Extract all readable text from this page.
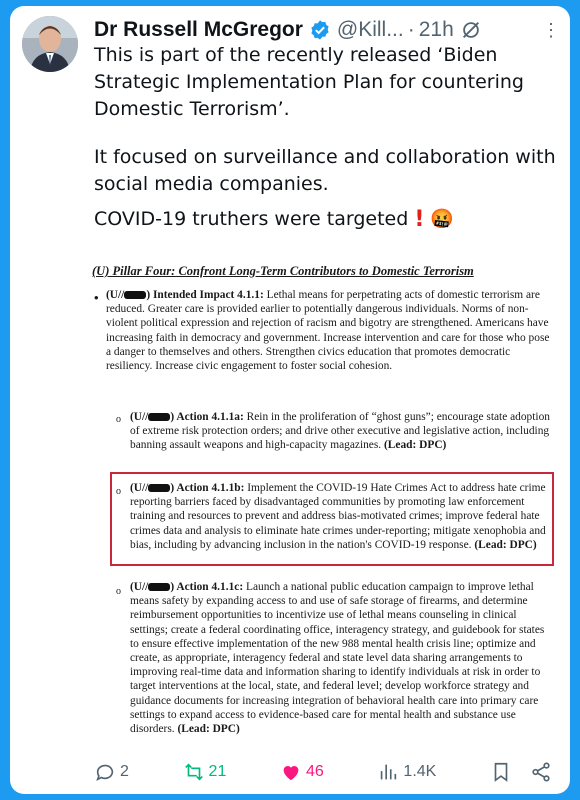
Dr Russell McGregor @Kill... · 21h	⋮
This is part of the recently released ‘Biden Strategic Implementation Plan for countering Domestic Terrorism’.
It focused on surveillance and collaboration with social media companies.
COVID-19 truthers were targeted ! 🤬
(U) Pillar Four: Confront Long-Term Contributors to Domestic Terrorism
• (U// ) Intended Impact 4.1.1: Lethal means for perpetrating acts of domestic terrorism are reduced. Greater care is provided earlier to potentially dangerous individuals. Norms of non-violent political expression and rejection of racism and bigotry are strengthened. Americans have increasing faith in democracy and government. Increase intervention and care for those who pose a danger to themselves and others. Strengthen civics education that promotes democratic resiliency. Increase civic engagement to foster social cohesion.
o (U// ) Action 4.1.1a: Rein in the proliferation of “ghost guns”; encourage state adoption of extreme risk protection orders; and drive other executive and legislative action, including banning assault weapons and high-capacity magazines. (Lead: DPC)
o (U// ) Action 4.1.1b: Implement the COVID-19 Hate Crimes Act to address hate crime reporting barriers faced by disadvantaged communities by promoting law enforcement training and resources to prevent and address bias-motivated crimes; improve federal hate crimes data and analysis to eliminate hate crimes under-reporting; mitigate xenophobia and bias, including by advancing inclusion in the nation's COVID-19 response. (Lead: DPC)
o (U// ) Action 4.1.1c: Launch a national public education campaign to improve lethal means safety by expanding access to and use of safe storage of firearms, and determine reimbursement opportunities to incentivize use of lethal means counseling in clinical settings; create a federal coordinating office, interagency strategy, and guidebook for states to ensure effective implementation of the new 988 mental health crisis line; optimize and create, as appropriate, interagency federal and state level data sharing arrangements to improving real-time data and information sharing to identify individuals at risk in order to target interventions at the local, state, and federal level; develop workforce strategy and guidance documents for increasing integration of behavioral health care into primary care settings to expand access to evidence-based care for mental health and substance use disorders. (Lead: DPC)
2	21	46	1.4K
